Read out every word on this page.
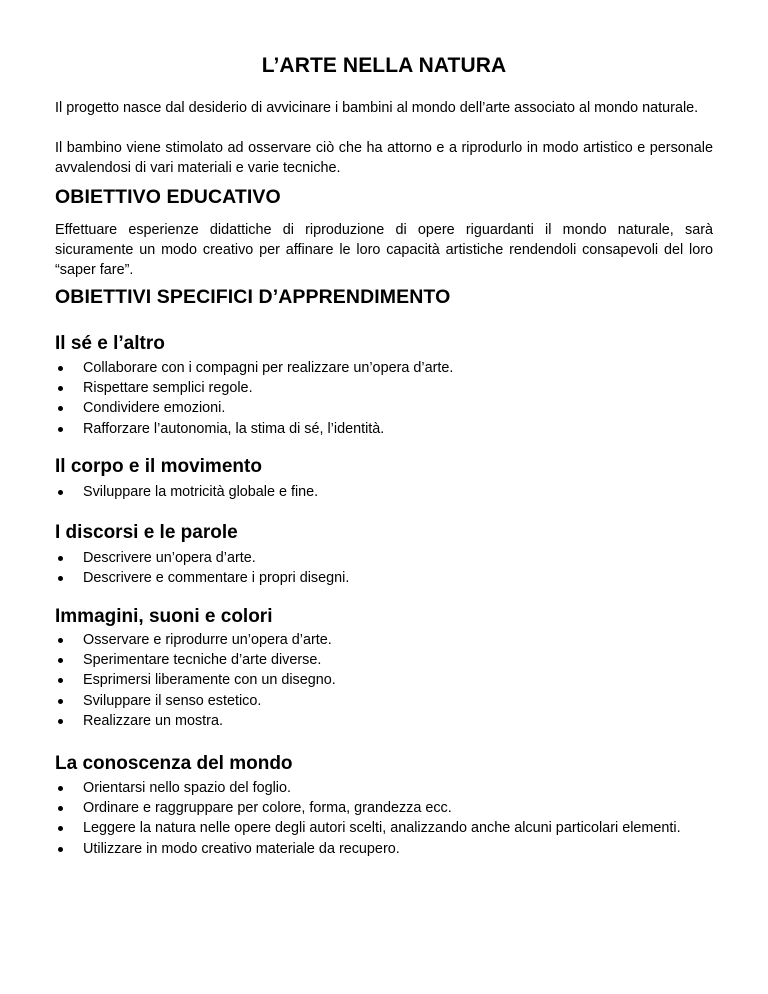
L’ARTE NELLA NATURA

Il progetto nasce dal desiderio di avvicinare i bambini al mondo dell’arte associato al mondo naturale.

Il bambino viene stimolato ad osservare ciò che ha attorno e a riprodurlo in modo artistico e personale avvalendosi di vari materiali e varie tecniche.

OBIETTIVO EDUCATIVO

Effettuare esperienze didattiche di riproduzione di opere riguardanti il mondo naturale, sarà sicuramente un modo creativo per affinare le loro capacità artistiche rendendoli consapevoli del loro “saper fare”.

OBIETTIVI SPECIFICI D’APPRENDIMENTO
Il sé e l’altro
Collaborare con i compagni per realizzare un’opera d’arte.
Rispettare semplici regole.
Condividere emozioni.
Rafforzare l’autonomia, la stima di sé, l’identità.
Il corpo e il movimento
Sviluppare la motricità globale e fine.
I discorsi e le parole
Descrivere un’opera d’arte.
Descrivere e commentare i propri disegni.
Immagini, suoni e colori
Osservare e riprodurre un’opera d’arte.
Sperimentare tecniche d’arte diverse.
Esprimersi liberamente con un disegno.
Sviluppare il senso estetico.
Realizzare un mostra.
La conoscenza del mondo
Orientarsi nello spazio del foglio.
Ordinare e raggruppare per colore, forma, grandezza ecc.
Leggere la natura nelle opere degli autori scelti, analizzando anche alcuni particolari elementi.
Utilizzare in modo creativo materiale da recupero.
